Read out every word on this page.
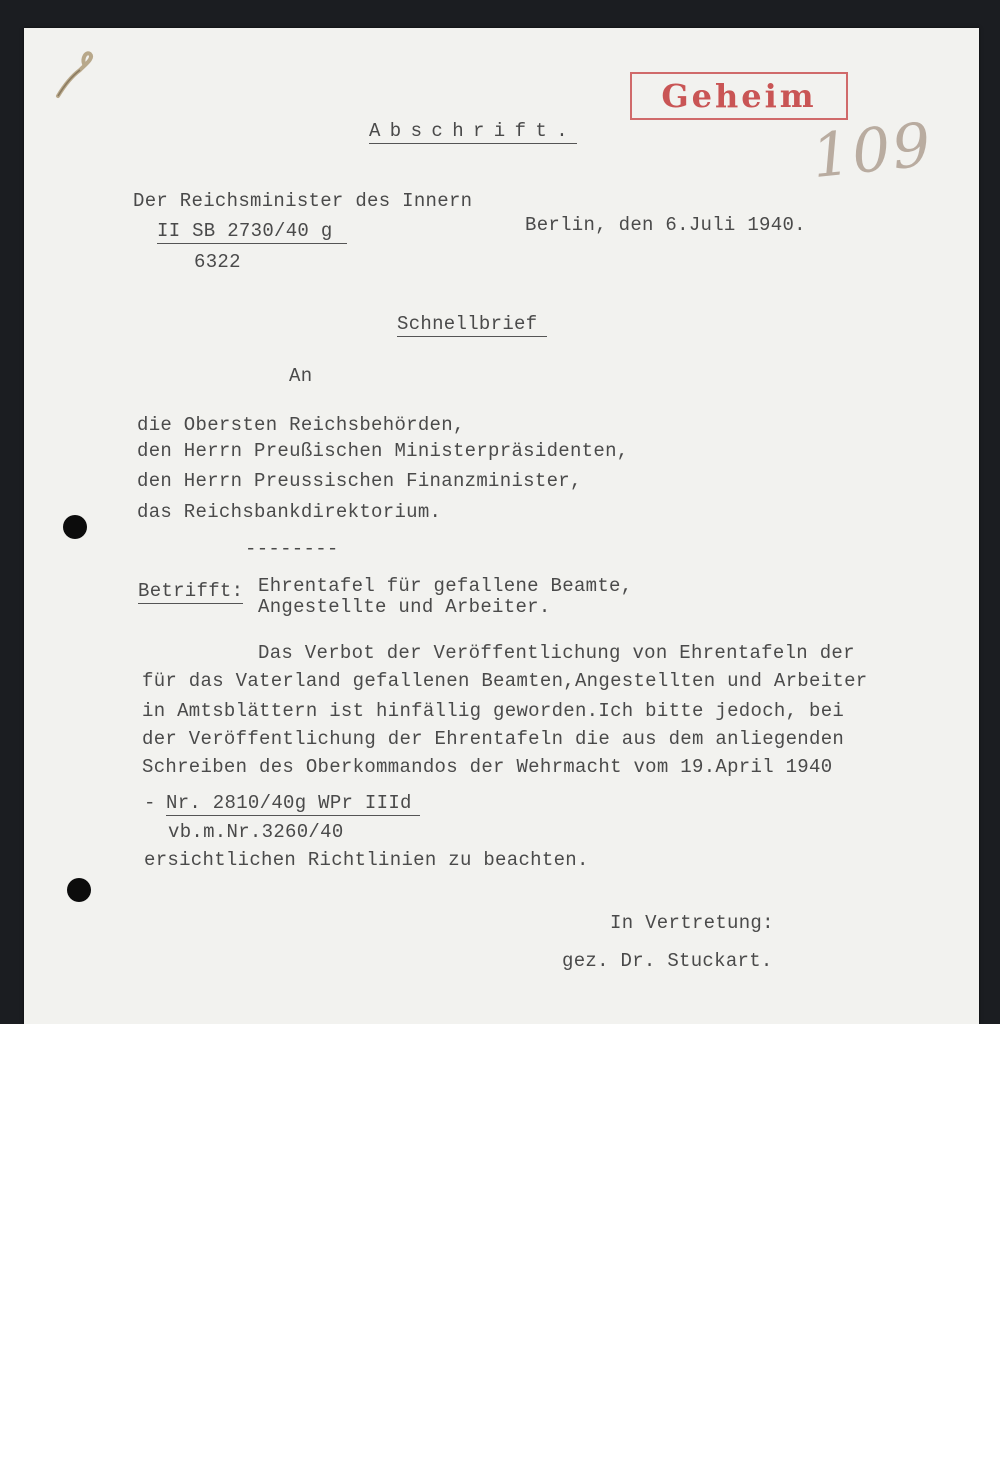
Geheim
109
Abschrift.
Der Reichsminister des Innern
II SB 2730/40 g
6322
Berlin, den 6.Juli 1940.
Schnellbrief
An
die Obersten Reichsbehörden,
den Herrn Preußischen Ministerpräsidenten,
den Herrn Preussischen Finanzminister,
das Reichsbankdirektorium.
--------
Betrifft: Ehrentafel für gefallene Beamte,
Angestellte und Arbeiter.
Das Verbot der Veröffentlichung von Ehrentafeln der
für das Vaterland gefallenen Beamten,Angestellten und Arbeiter
in Amtsblättern ist hinfällig geworden.Ich bitte jedoch, bei
der Veröffentlichung der Ehrentafeln die aus dem anliegenden
Schreiben des Oberkommandos der Wehrmacht vom 19.April 1940
- Nr. 2810/40g WPr IIId
vb.m.Nr.3260/40
ersichtlichen Richtlinien zu beachten.
In Vertretung:
gez. Dr. Stuckart.
